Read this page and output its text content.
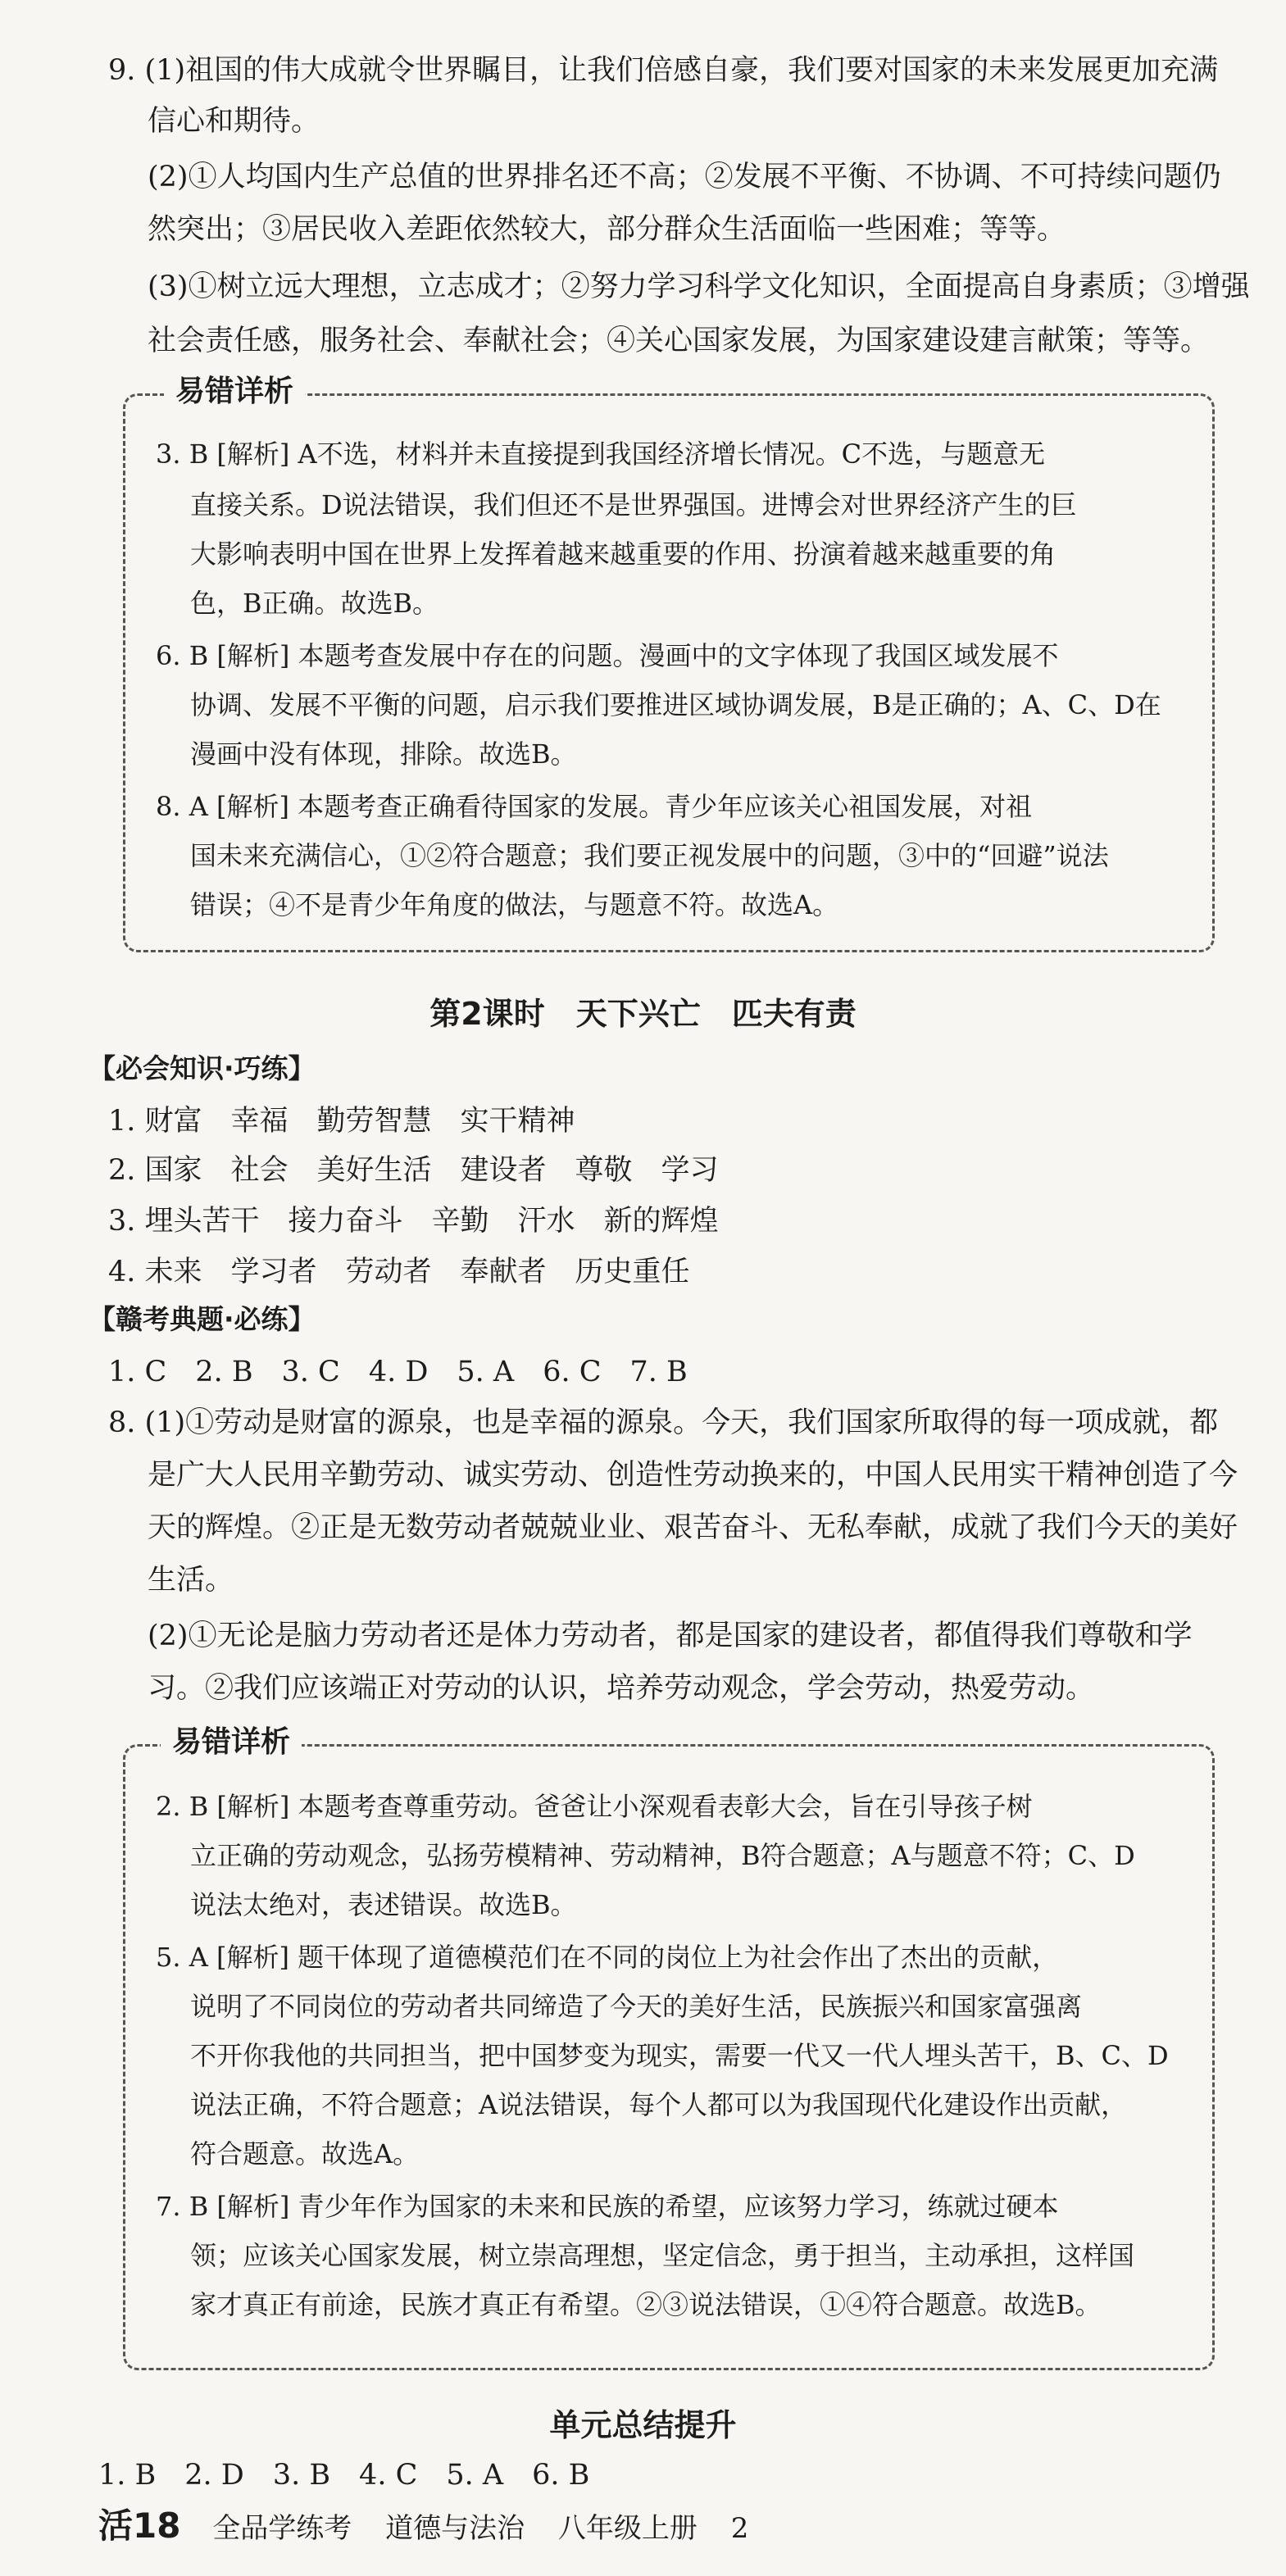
9. (1)祖国的伟大成就令世界瞩目，让我们倍感自豪，我们要对国家的未来发展更加充满
信心和期待。
(2)①人均国内生产总值的世界排名还不高；②发展不平衡、不协调、不可持续问题仍
然突出；③居民收入差距依然较大，部分群众生活面临一些困难；等等。
(3)①树立远大理想，立志成才；②努力学习科学文化知识，全面提高自身素质；③增强
社会责任感，服务社会、奉献社会；④关心国家发展，为国家建设建言献策；等等。
易错详析
3. B [解析] A不选，材料并未直接提到我国经济增长情况。C不选，与题意无
直接关系。D说法错误，我们但还不是世界强国。进博会对世界经济产生的巨
大影响表明中国在世界上发挥着越来越重要的作用、扮演着越来越重要的角
色，B正确。故选B。
6. B [解析] 本题考查发展中存在的问题。漫画中的文字体现了我国区域发展不
协调、发展不平衡的问题，启示我们要推进区域协调发展，B是正确的；A、C、D在
漫画中没有体现，排除。故选B。
8. A [解析] 本题考查正确看待国家的发展。青少年应该关心祖国发展，对祖
国未来充满信心，①②符合题意；我们要正视发展中的问题，③中的“回避”说法
错误；④不是青少年角度的做法，与题意不符。故选A。
第2课时　天下兴亡　匹夫有责
【必会知识·巧练】
1. 财富　幸福　勤劳智慧　实干精神
2. 国家　社会　美好生活　建设者　尊敬　学习
3. 埋头苦干　接力奋斗　辛勤　汗水　新的辉煌
4. 未来　学习者　劳动者　奉献者　历史重任
【赣考典题·必练】
1. C　2. B　3. C　4. D　5. A　6. C　7. B
8. (1)①劳动是财富的源泉，也是幸福的源泉。今天，我们国家所取得的每一项成就，都
是广大人民用辛勤劳动、诚实劳动、创造性劳动换来的，中国人民用实干精神创造了今
天的辉煌。②正是无数劳动者兢兢业业、艰苦奋斗、无私奉献，成就了我们今天的美好
生活。
(2)①无论是脑力劳动者还是体力劳动者，都是国家的建设者，都值得我们尊敬和学
习。②我们应该端正对劳动的认识，培养劳动观念，学会劳动，热爱劳动。
易错详析
2. B [解析] 本题考查尊重劳动。爸爸让小深观看表彰大会，旨在引导孩子树
立正确的劳动观念，弘扬劳模精神、劳动精神，B符合题意；A与题意不符；C、D
说法太绝对，表述错误。故选B。
5. A [解析] 题干体现了道德模范们在不同的岗位上为社会作出了杰出的贡献，
说明了不同岗位的劳动者共同缔造了今天的美好生活，民族振兴和国家富强离
不开你我他的共同担当，把中国梦变为现实，需要一代又一代人埋头苦干，B、C、D
说法正确，不符合题意；A说法错误，每个人都可以为我国现代化建设作出贡献，
符合题意。故选A。
7. B [解析] 青少年作为国家的未来和民族的希望，应该努力学习，练就过硬本
领；应该关心国家发展，树立崇高理想，坚定信念，勇于担当，主动承担，这样国
家才真正有前途，民族才真正有希望。②③说法错误，①④符合题意。故选B。
单元总结提升
1. B　2. D　3. B　4. C　5. A　6. B
活18 全品学练考 道德与法治 八年级上册 2
